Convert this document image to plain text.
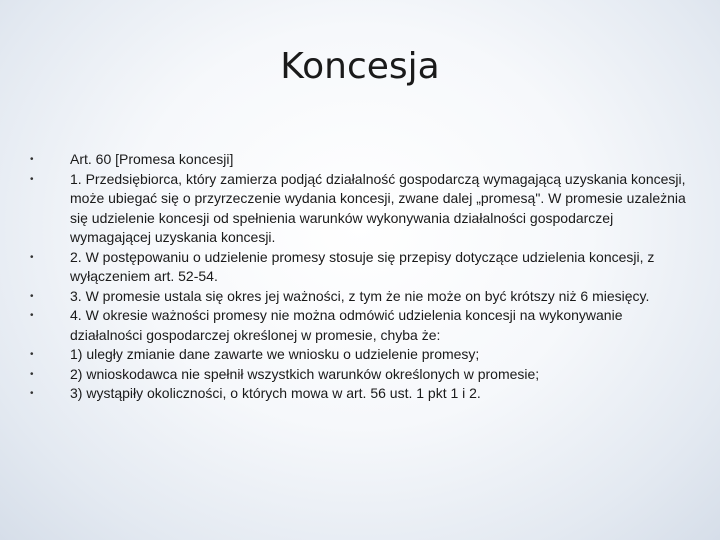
Koncesja
•	Art. 60 [Promesa koncesji]
•	1. Przedsiębiorca, który zamierza podjąć działalność gospodarczą wymagającą uzyskania koncesji, może ubiegać się o przyrzeczenie wydania koncesji, zwane dalej „promesą". W promesie uzależnia się udzielenie koncesji od spełnienia warunków wykonywania działalności gospodarczej wymagającej uzyskania koncesji.
•	2. W postępowaniu o udzielenie promesy stosuje się przepisy dotyczące udzielenia koncesji, z wyłączeniem art. 52-54.
•	3. W promesie ustala się okres jej ważności, z tym że nie może on być krótszy niż 6 miesięcy.
•	4. W okresie ważności promesy nie można odmówić udzielenia koncesji na wykonywanie działalności gospodarczej określonej w promesie, chyba że:
•	1) uległy zmianie dane zawarte we wniosku o udzielenie promesy;
•	2) wnioskodawca nie spełnił wszystkich warunków określonych w promesie;
•	3) wystąpiły okoliczności, o których mowa w art. 56 ust. 1 pkt 1 i 2.
